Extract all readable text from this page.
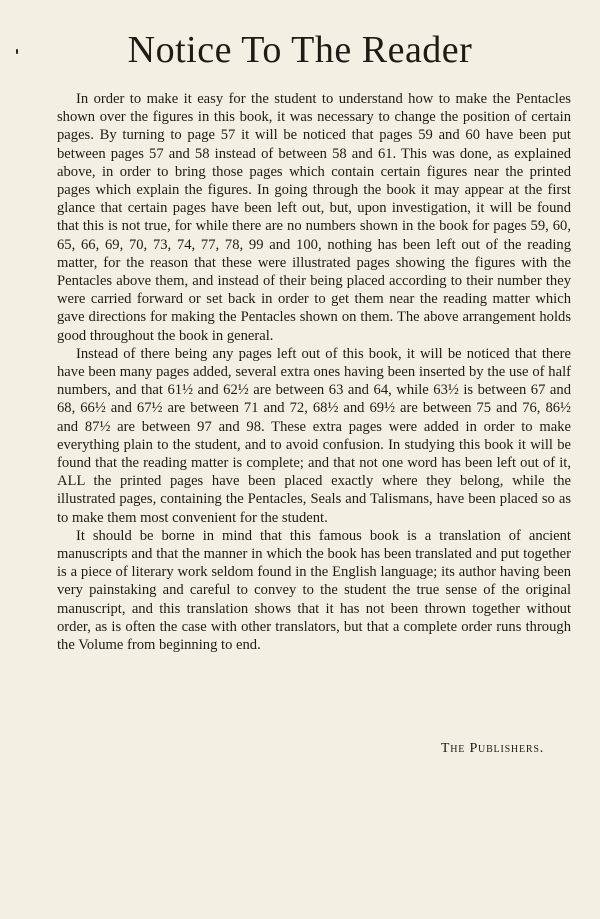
Notice To The Reader

In order to make it easy for the student to understand how to make the Pentacles shown over the figures in this book, it was necessary to change the position of certain pages. By turning to page 57 it will be noticed that pages 59 and 60 have been put between pages 57 and 58 instead of between 58 and 61. This was done, as explained above, in order to bring those pages which contain certain figures near the printed pages which explain the figures. In going through the book it may appear at the first glance that certain pages have been left out, but, upon investigation, it will be found that this is not true, for while there are no numbers shown in the book for pages 59, 60, 65, 66, 69, 70, 73, 74, 77, 78, 99 and 100, nothing has been left out of the reading matter, for the reason that these were illustrated pages showing the figures with the Pentacles above them, and instead of their being placed according to their number they were carried forward or set back in order to get them near the reading matter which gave directions for making the Pentacles shown on them. The above arrangement holds good throughout the book in general.

Instead of there being any pages left out of this book, it will be noticed that there have been many pages added, several extra ones having been inserted by the use of half numbers, and that 61½ and 62½ are between 63 and 64, while 63½ is between 67 and 68, 66½ and 67½ are between 71 and 72, 68½ and 69½ are between 75 and 76, 86½ and 87½ are between 97 and 98. These extra pages were added in order to make everything plain to the student, and to avoid confusion. In studying this book it will be found that the reading matter is complete; and that not one word has been left out of it, ALL the printed pages have been placed exactly where they belong, while the illustrated pages, containing the Pentacles, Seals and Talismans, have been placed so as to make them most convenient for the student.

It should be borne in mind that this famous book is a translation of ancient manuscripts and that the manner in which the book has been translated and put together is a piece of literary work seldom found in the English language; its author having been very painstaking and careful to convey to the student the true sense of the original manuscript, and this translation shows that it has not been thrown together without order, as is often the case with other translators, but that a complete order runs through the Volume from beginning to end.

The Publishers.
